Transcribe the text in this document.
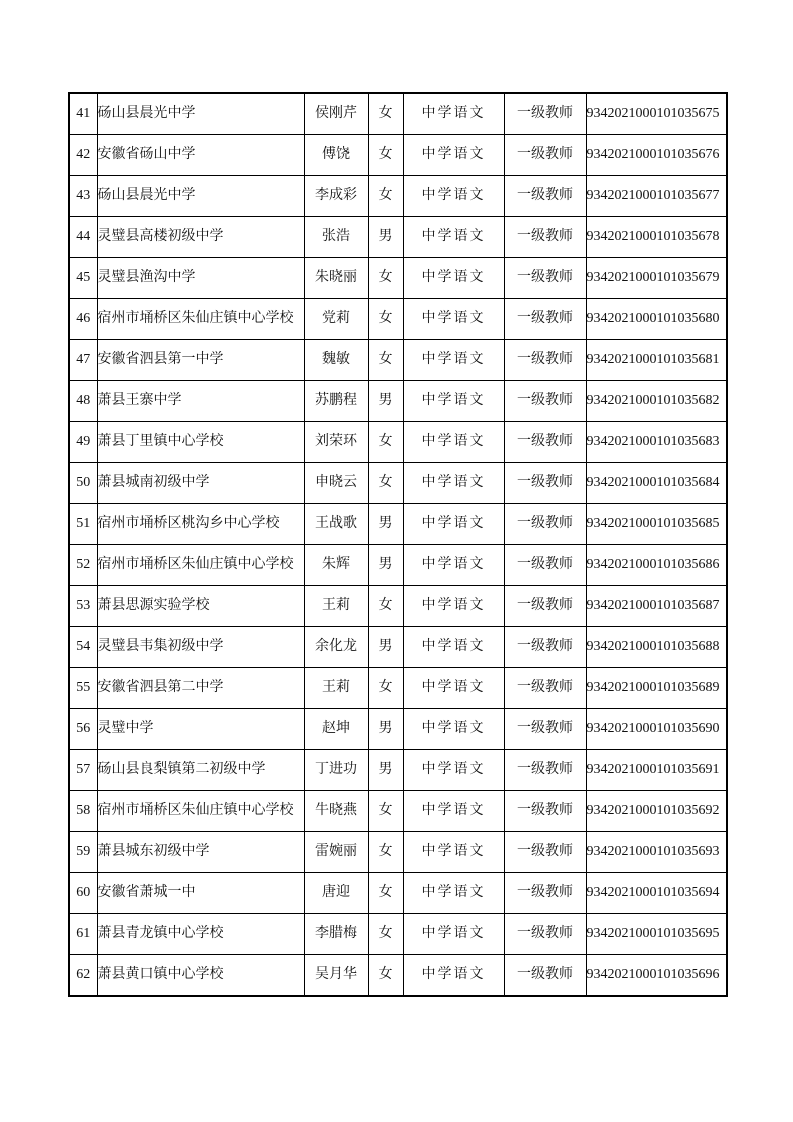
41	砀山县晨光中学	侯刚芹	女	中学语文	一级教师	9342021000101035675
42	安徽省砀山中学	傅饶	女	中学语文	一级教师	9342021000101035676
43	砀山县晨光中学	李成彩	女	中学语文	一级教师	9342021000101035677
44	灵璧县高楼初级中学	张浩	男	中学语文	一级教师	9342021000101035678
45	灵璧县渔沟中学	朱晓丽	女	中学语文	一级教师	9342021000101035679
46	宿州市埇桥区朱仙庄镇中心学校	党莉	女	中学语文	一级教师	9342021000101035680
47	安徽省泗县第一中学	魏敏	女	中学语文	一级教师	9342021000101035681
48	萧县王寨中学	苏鹏程	男	中学语文	一级教师	9342021000101035682
49	萧县丁里镇中心学校	刘荣环	女	中学语文	一级教师	9342021000101035683
50	萧县城南初级中学	申晓云	女	中学语文	一级教师	9342021000101035684
51	宿州市埇桥区桃沟乡中心学校	王战歌	男	中学语文	一级教师	9342021000101035685
52	宿州市埇桥区朱仙庄镇中心学校	朱辉	男	中学语文	一级教师	9342021000101035686
53	萧县思源实验学校	王莉	女	中学语文	一级教师	9342021000101035687
54	灵璧县韦集初级中学	余化龙	男	中学语文	一级教师	9342021000101035688
55	安徽省泗县第二中学	王莉	女	中学语文	一级教师	9342021000101035689
56	灵璧中学	赵坤	男	中学语文	一级教师	9342021000101035690
57	砀山县良梨镇第二初级中学	丁进功	男	中学语文	一级教师	9342021000101035691
58	宿州市埇桥区朱仙庄镇中心学校	牛晓燕	女	中学语文	一级教师	9342021000101035692
59	萧县城东初级中学	雷婉丽	女	中学语文	一级教师	9342021000101035693
60	安徽省萧城一中	唐迎	女	中学语文	一级教师	9342021000101035694
61	萧县青龙镇中心学校	李腊梅	女	中学语文	一级教师	9342021000101035695
62	萧县黄口镇中心学校	吴月华	女	中学语文	一级教师	9342021000101035696
